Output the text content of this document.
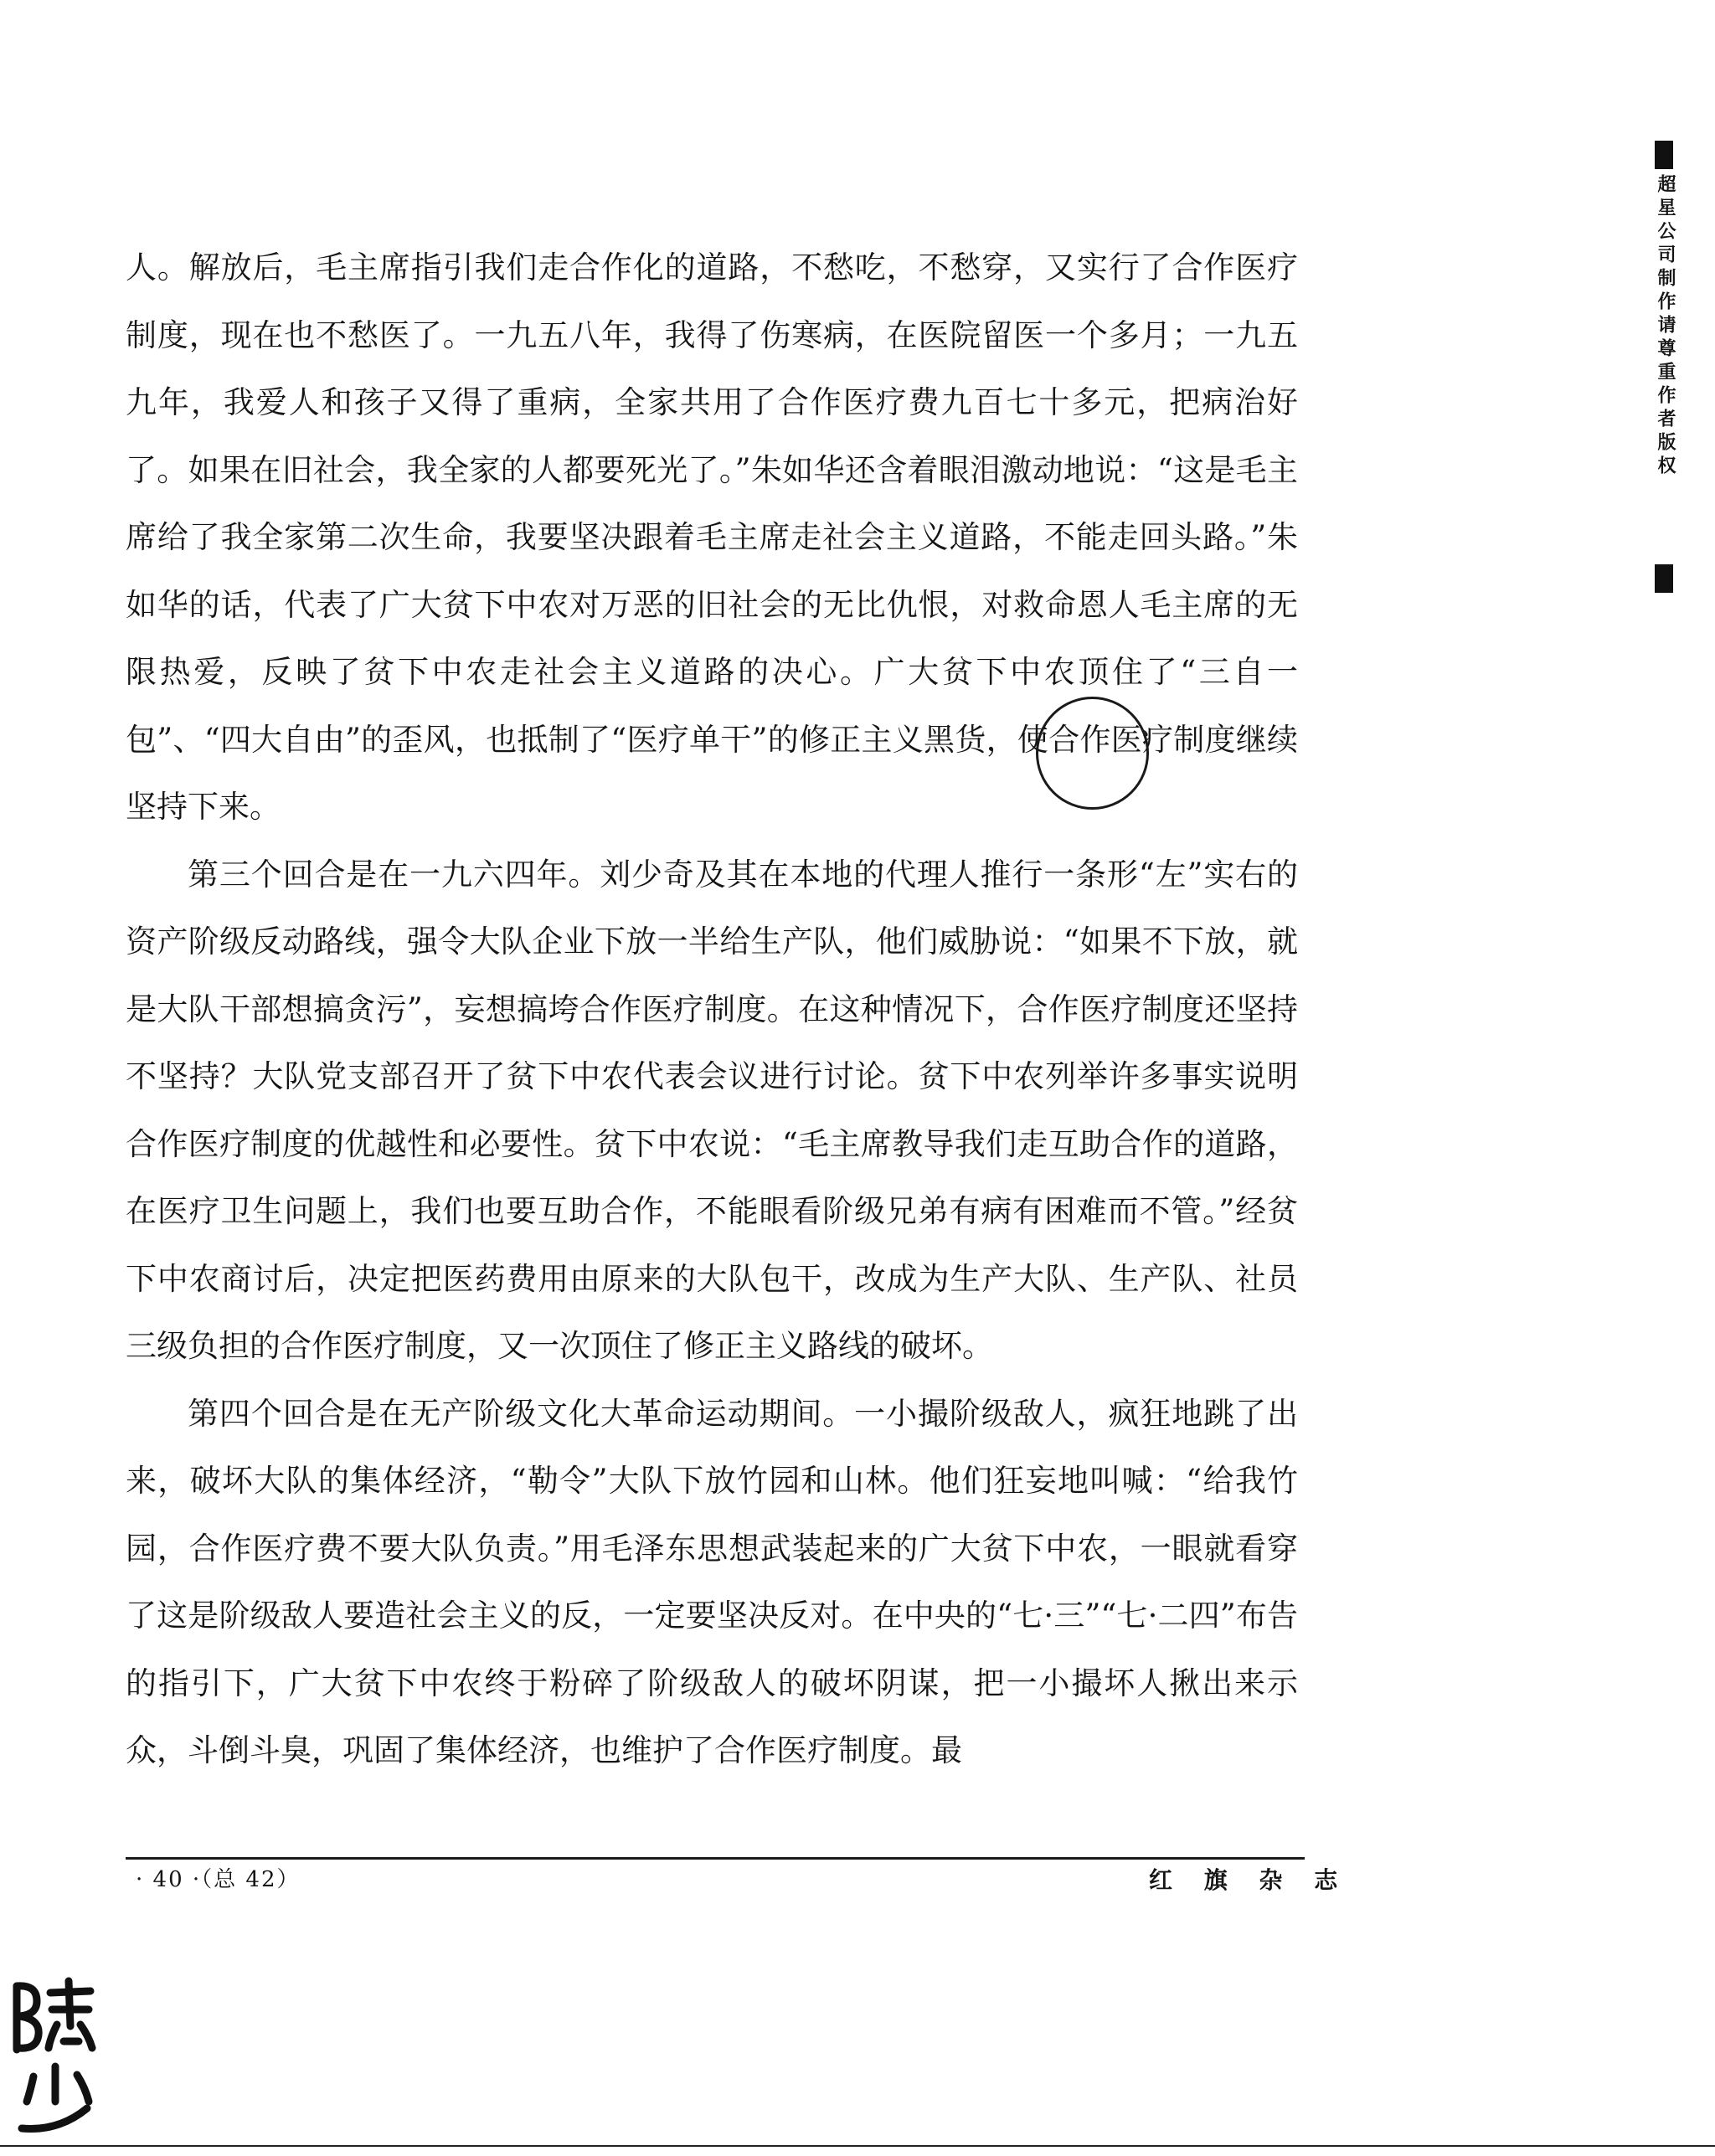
人。解放后，毛主席指引我们走合作化的道路，不愁吃，不愁穿，又实行了合作医疗制度，现在也不愁医了。一九五八年，我得了伤寒病，在医院留医一个多月；一九五九年，我爱人和孩子又得了重病，全家共用了合作医疗费九百七十多元，把病治好了。如果在旧社会，我全家的人都要死光了。”朱如华还含着眼泪激动地说：“这是毛主席给了我全家第二次生命，我要坚决跟着毛主席走社会主义道路，不能走回头路。”朱如华的话，代表了广大贫下中农对万恶的旧社会的无比仇恨，对救命恩人毛主席的无限热爱，反映了贫下中农走社会主义道路的决心。广大贫下中农顶住了“三自一包”、“四大自由”的歪风，也抵制了“医疗单干”的修正主义黑货，使合作医疗制度继续坚持下来。

第三个回合是在一九六四年。刘少奇及其在本地的代理人推行一条形“左”实右的资产阶级反动路线，强令大队企业下放一半给生产队，他们威胁说：“如果不下放，就是大队干部想搞贪污”，妄想搞垮合作医疗制度。在这种情况下，合作医疗制度还坚持不坚持？大队党支部召开了贫下中农代表会议进行讨论。贫下中农列举许多事实说明合作医疗制度的优越性和必要性。贫下中农说：“毛主席教导我们走互助合作的道路，在医疗卫生问题上，我们也要互助合作，不能眼看阶级兄弟有病有困难而不管。”经贫下中农商讨后，决定把医药费用由原来的大队包干，改成为生产大队、生产队、社员三级负担的合作医疗制度，又一次顶住了修正主义路线的破坏。

第四个回合是在无产阶级文化大革命运动期间。一小撮阶级敌人，疯狂地跳了出来，破坏大队的集体经济，“勒令”大队下放竹园和山林。他们狂妄地叫喊：“给我竹园，合作医疗费不要大队负责。”用毛泽东思想武装起来的广大贫下中农，一眼就看穿了这是阶级敌人要造社会主义的反，一定要坚决反对。在中央的“七·三”“七·二四”布告的指引下，广大贫下中农终于粉碎了阶级敌人的破坏阴谋，把一小撮坏人揪出来示众，斗倒斗臭，巩固了集体经济，也维护了合作医疗制度。最

· 40 ·（总 42）	红 旗 杂 志
超星公司制作请尊重作者版权
